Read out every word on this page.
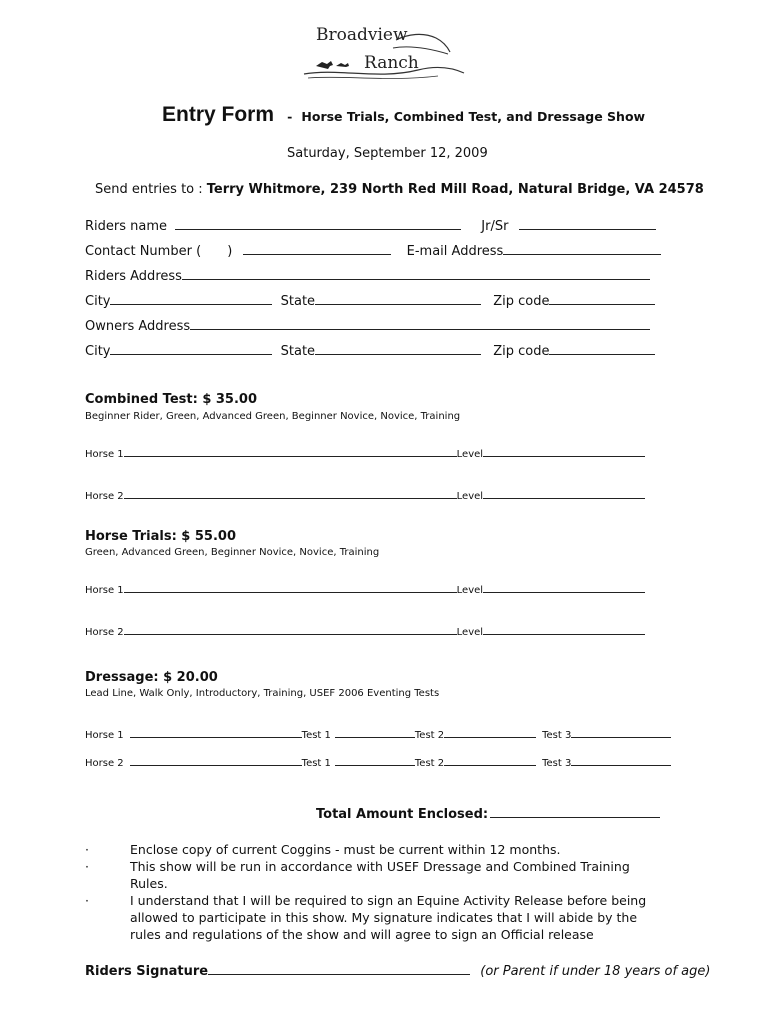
Broadview
Ranch
Entry Form - Horse Trials, Combined Test, and Dressage Show
Saturday, September 12, 2009
Send entries to : Terry Whitmore, 239 North Red Mill Road, Natural Bridge, VA 24578
Riders name	Jr/Sr
Contact Number ( )	E-mail Address
Riders Address
City	State	Zip code
Owners Address
City	State	Zip code
Combined Test: $ 35.00
Beginner Rider, Green, Advanced Green, Beginner Novice, Novice, Training
Horse 1	Level
Horse 2	Level
Horse Trials: $ 55.00
Green, Advanced Green, Beginner Novice, Novice, Training
Horse 1	Level
Horse 2	Level
Dressage: $ 20.00
Lead Line, Walk Only, Introductory, Training, USEF 2006 Eventing Tests
Horse 1	Test 1	Test 2	Test 3
Horse 2	Test 1	Test 2	Test 3
Total Amount Enclosed:
·	Enclose copy of current Coggins - must be current within 12 months.
·	This show will be run in accordance with USEF Dressage and Combined Training Rules.
·	I understand that I will be required to sign an Equine Activity Release before being allowed to participate in this show. My signature indicates that I will abide by the rules and regulations of the show and will agree to sign an Official release
Riders Signature	(or Parent if under 18 years of age)
